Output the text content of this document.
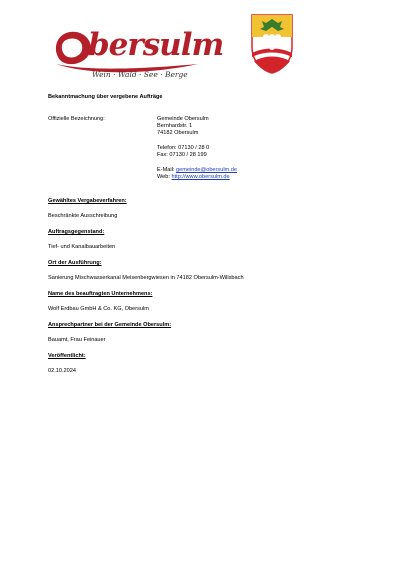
bersulm
Wein · Wald · See · Berge
Bekanntmachung über vergebene Aufträge
Offizielle Bezeichnung:	Gemeinde Obersulm
Bernhardstr. 1
74182 Obersulm
Telefon: 07130 / 28 0
Fax: 07130 / 28 199
E-Mail: gemeinde@obersulm.de
Web: http://www.obersulm.de
Gewähltes Vergabeverfahren:
Beschränkte Ausschreibung
Auftragsgegenstand:
Tief- und Kanalbauarbeiten
Ort der Ausführung:
Sanierung Mischwasserkanal Meisenbergwiesen in 74182 Obersulm-Willsbach
Name des beauftragten Unternehmens:
Wolf Erdbau GmbH & Co. KG, Obersulm
Ansprechpartner bei der Gemeinde Obersulm:
Bauamt, Frau Feinauer
Veröffentlicht:
02.10.2024
